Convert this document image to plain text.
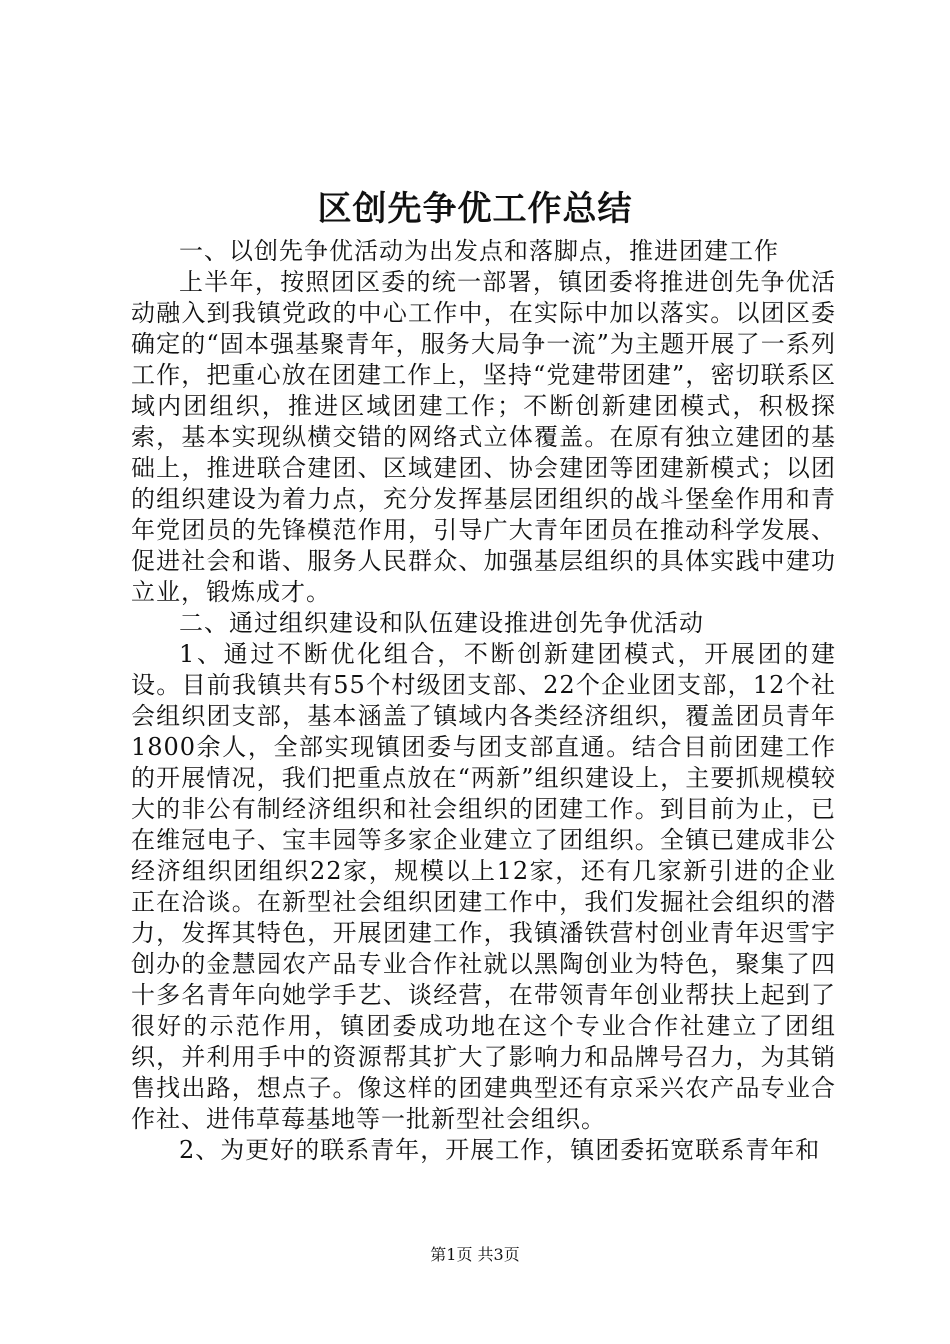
区创先争优工作总结

一、以创先争优活动为出发点和落脚点，推进团建工作

上半年，按照团区委的统一部署，镇团委将推进创先争优活动融入到我镇党政的中心工作中，在实际中加以落实。以团区委确定的“固本强基聚青年，服务大局争一流”为主题开展了一系列工作，把重心放在团建工作上，坚持“党建带团建”，密切联系区域内团组织，推进区域团建工作；不断创新建团模式，积极探索，基本实现纵横交错的网络式立体覆盖。在原有独立建团的基础上，推进联合建团、区域建团、协会建团等团建新模式；以团的组织建设为着力点，充分发挥基层团组织的战斗堡垒作用和青年党团员的先锋模范作用，引导广大青年团员在推动科学发展、促进社会和谐、服务人民群众、加强基层组织的具体实践中建功立业，锻炼成才。

二、通过组织建设和队伍建设推进创先争优活动

1、通过不断优化组合，不断创新建团模式，开展团的建设。目前我镇共有55个村级团支部、22个企业团支部，12个社会组织团支部，基本涵盖了镇域内各类经济组织，覆盖团员青年1800余人，全部实现镇团委与团支部直通。结合目前团建工作的开展情况，我们把重点放在“两新”组织建设上，主要抓规模较大的非公有制经济组织和社会组织的团建工作。到目前为止，已在维冠电子、宝丰园等多家企业建立了团组织。全镇已建成非公经济组织团组织22家，规模以上12家，还有几家新引进的企业正在洽谈。在新型社会组织团建工作中，我们发掘社会组织的潜力，发挥其特色，开展团建工作，我镇潘铁营村创业青年迟雪宇创办的金慧园农产品专业合作社就以黑陶创业为特色，聚集了四十多名青年向她学手艺、谈经营，在带领青年创业帮扶上起到了很好的示范作用，镇团委成功地在这个专业合作社建立了团组织，并利用手中的资源帮其扩大了影响力和品牌号召力，为其销售找出路，想点子。像这样的团建典型还有京采兴农产品专业合作社、进伟草莓基地等一批新型社会组织。

2、为更好的联系青年，开展工作，镇团委拓宽联系青年和

第1页 共3页
